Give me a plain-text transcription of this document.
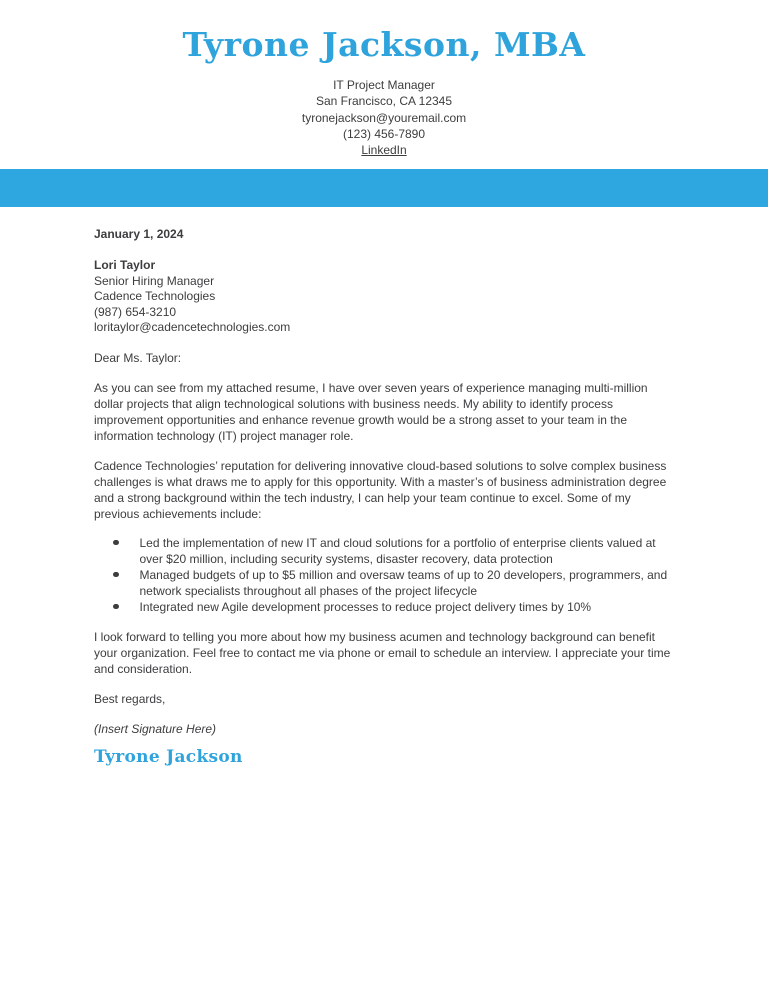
Tyrone Jackson, MBA
IT Project Manager
San Francisco, CA 12345
tyronejackson@youremail.com
(123) 456-7890
LinkedIn
January 1, 2024
Lori Taylor
Senior Hiring Manager
Cadence Technologies
(987) 654-3210
loritaylor@cadencetechnologies.com
Dear Ms. Taylor:
As you can see from my attached resume, I have over seven years of experience managing multi-million dollar projects that align technological solutions with business needs. My ability to identify process improvement opportunities and enhance revenue growth would be a strong asset to your team in the information technology (IT) project manager role.
Cadence Technologies’ reputation for delivering innovative cloud-based solutions to solve complex business challenges is what draws me to apply for this opportunity. With a master’s of business administration degree and a strong background within the tech industry, I can help your team continue to excel. Some of my previous achievements include:
Led the implementation of new IT and cloud solutions for a portfolio of enterprise clients valued at over $20 million, including security systems, disaster recovery, data protection
Managed budgets of up to $5 million and oversaw teams of up to 20 developers, programmers, and network specialists throughout all phases of the project lifecycle
Integrated new Agile development processes to reduce project delivery times by 10%
I look forward to telling you more about how my business acumen and technology background can benefit your organization. Feel free to contact me via phone or email to schedule an interview. I appreciate your time and consideration.
Best regards,
(Insert Signature Here)
Tyrone Jackson
